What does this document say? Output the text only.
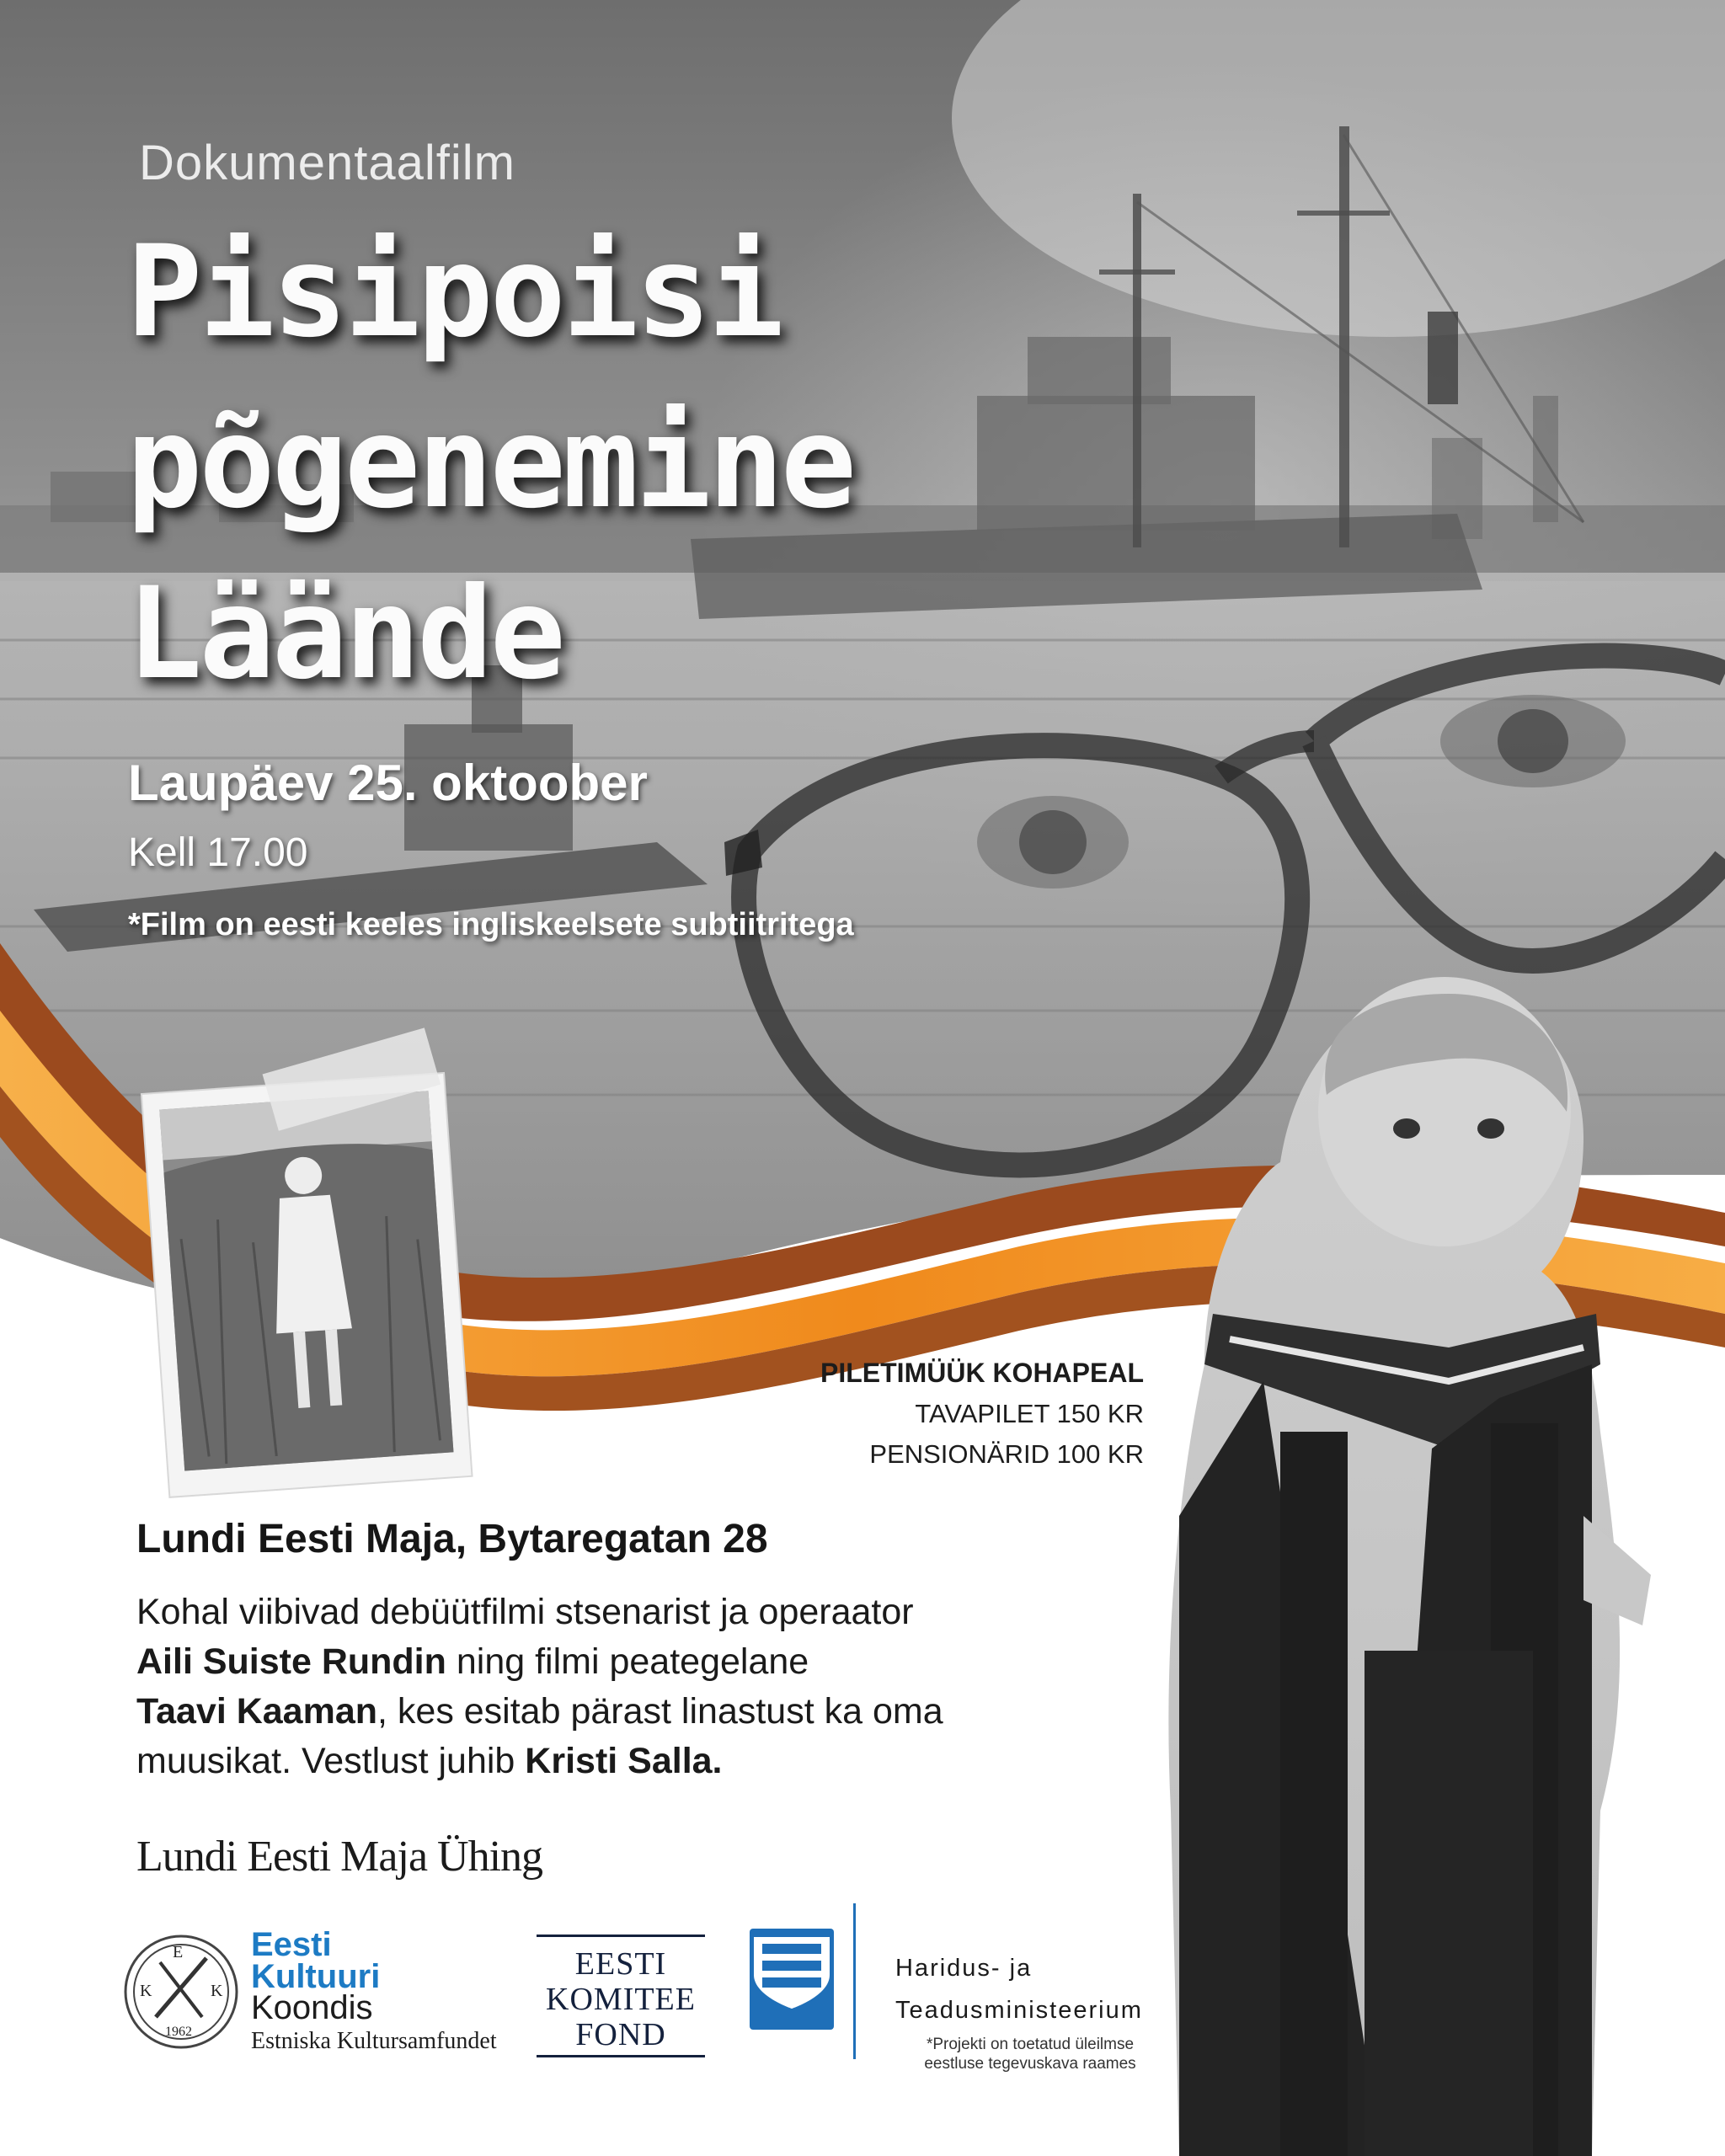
Dokumentaalfilm
Pisipoisi
põgenemine
Läände
Laupäev 25. oktoober
Kell 17.00
*Film on eesti keeles ingliskeelsete subtiitritega
PILETIMÜÜK KOHAPEAL
TAVAPILET 150 KR
PENSIONÄRID 100 KR
Lundi Eesti Maja, Bytaregatan 28
Kohal viibivad debüütfilmi stsenarist ja operaator
Aili Suiste Rundin ning filmi peategelane
Taavi Kaaman, kes esitab pärast linastust ka oma muusikat. Vestlust juhib Kristi Salla.
Lundi Eesti Maja Ühing
E
K	K
1962
Eesti
Kultuuri
Koondis
Estniska Kultursamfundet
EESTI
KOMITEE
FOND
Haridus- ja
Teadusministeerium
*Projekti on toetatud üleilmse eestluse tegevuskava raames
